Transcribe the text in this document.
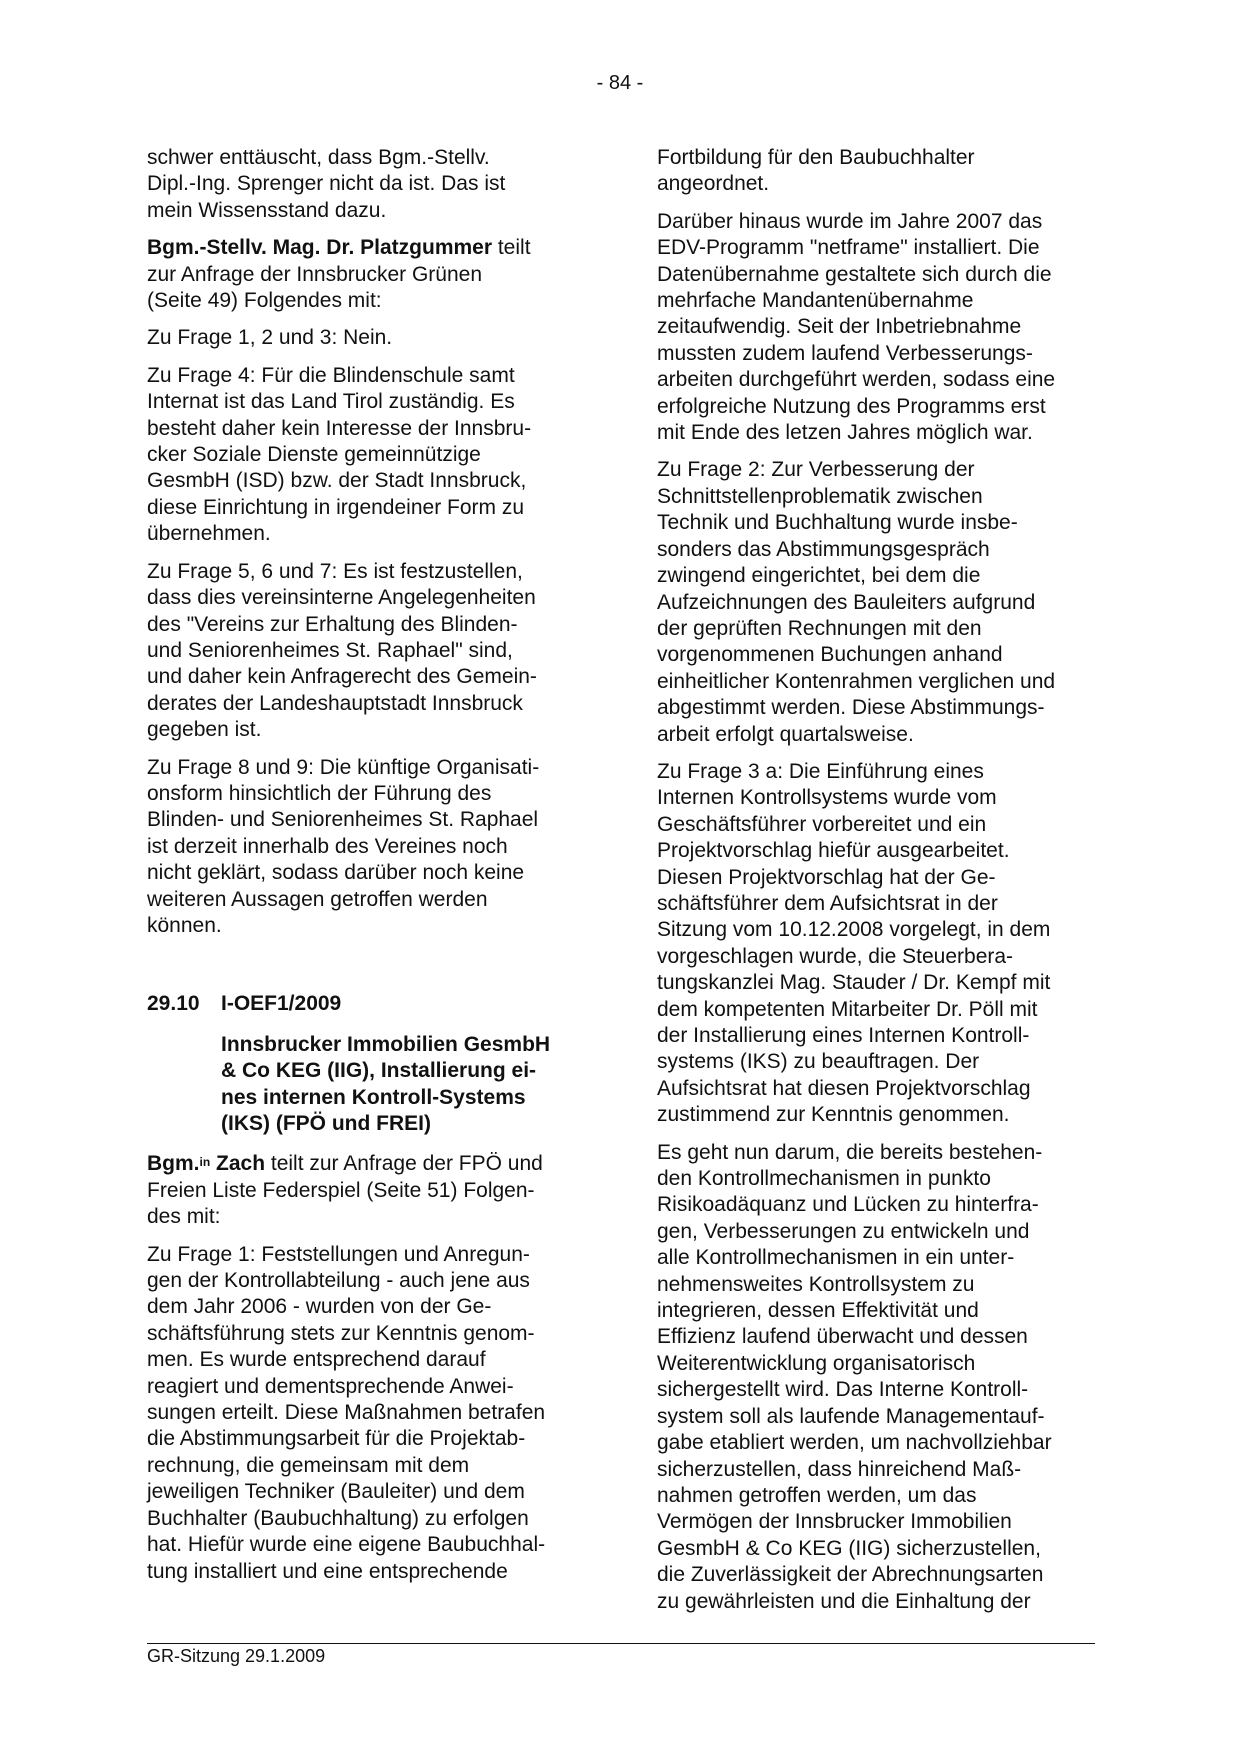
- 84 -

schwer enttäuscht, dass Bgm.-Stellv.
Dipl.-Ing. Sprenger nicht da ist. Das ist
mein Wissensstand dazu.

Bgm.-Stellv. Mag. Dr. Platzgummer teilt
zur Anfrage der Innsbrucker Grünen
(Seite 49) Folgendes mit:

Zu Frage 1, 2 und 3: Nein.

Zu Frage 4: Für die Blindenschule samt
Internat ist das Land Tirol zuständig. Es
besteht daher kein Interesse der Innsbru-
cker Soziale Dienste gemeinnützige
GesmbH (ISD) bzw. der Stadt Innsbruck,
diese Einrichtung in irgendeiner Form zu
übernehmen.

Zu Frage 5, 6 und 7: Es ist festzustellen,
dass dies vereinsinterne Angelegenheiten
des "Vereins zur Erhaltung des Blinden-
und Seniorenheimes St. Raphael" sind,
und daher kein Anfragerecht des Gemein-
derates der Landeshauptstadt Innsbruck
gegeben ist.

Zu Frage 8 und 9: Die künftige Organisati-
onsform hinsichtlich der Führung des
Blinden- und Seniorenheimes St. Raphael
ist derzeit innerhalb des Vereines noch
nicht geklärt, sodass darüber noch keine
weiteren Aussagen getroffen werden
können.

29.10	I-OEF1/2009
Innsbrucker Immobilien GesmbH
& Co KEG (IIG), Installierung ei-
nes internen Kontroll-Systems
(IKS) (FPÖ und FREI)

Bgm.$^{in}$ Zach teilt zur Anfrage der FPÖ und
Freien Liste Federspiel (Seite 51) Folgen-
des mit:

Zu Frage 1: Feststellungen und Anregun-
gen der Kontrollabteilung - auch jene aus
dem Jahr 2006 - wurden von der Ge-
schäftsführung stets zur Kenntnis genom-
men. Es wurde entsprechend darauf
reagiert und dementsprechende Anwei-
sungen erteilt. Diese Maßnahmen betrafen
die Abstimmungsarbeit für die Projektab-
rechnung, die gemeinsam mit dem
jeweiligen Techniker (Bauleiter) und dem
Buchhalter (Baubuchhaltung) zu erfolgen
hat. Hiefür wurde eine eigene Baubuchhal-
tung installiert und eine entsprechende

Fortbildung für den Baubuchhalter
angeordnet.

Darüber hinaus wurde im Jahre 2007 das
EDV-Programm "netframe" installiert. Die
Datenübernahme gestaltete sich durch die
mehrfache Mandantenübernahme
zeitaufwendig. Seit der Inbetriebnahme
mussten zudem laufend Verbesserungs-
arbeiten durchgeführt werden, sodass eine
erfolgreiche Nutzung des Programms erst
mit Ende des letzen Jahres möglich war.

Zu Frage 2: Zur Verbesserung der
Schnittstellenproblematik zwischen
Technik und Buchhaltung wurde insbe-
sonders das Abstimmungsgespräch
zwingend eingerichtet, bei dem die
Aufzeichnungen des Bauleiters aufgrund
der geprüften Rechnungen mit den
vorgenommenen Buchungen anhand
einheitlicher Kontenrahmen verglichen und
abgestimmt werden. Diese Abstimmungs-
arbeit erfolgt quartalsweise.

Zu Frage 3 a: Die Einführung eines
Internen Kontrollsystems wurde vom
Geschäftsführer vorbereitet und ein
Projektvorschlag hiefür ausgearbeitet.
Diesen Projektvorschlag hat der Ge-
schäftsführer dem Aufsichtsrat in der
Sitzung vom 10.12.2008 vorgelegt, in dem
vorgeschlagen wurde, die Steuerbera-
tungskanzlei Mag. Stauder / Dr. Kempf mit
dem kompetenten Mitarbeiter Dr. Pöll mit
der Installierung eines Internen Kontroll-
systems (IKS) zu beauftragen. Der
Aufsichtsrat hat diesen Projektvorschlag
zustimmend zur Kenntnis genommen.

Es geht nun darum, die bereits bestehen-
den Kontrollmechanismen in punkto
Risikoadäquanz und Lücken zu hinterfra-
gen, Verbesserungen zu entwickeln und
alle Kontrollmechanismen in ein unter-
nehmensweites Kontrollsystem zu
integrieren, dessen Effektivität und
Effizienz laufend überwacht und dessen
Weiterentwicklung organisatorisch
sichergestellt wird. Das Interne Kontroll-
system soll als laufende Managementauf-
gabe etabliert werden, um nachvollziehbar
sicherzustellen, dass hinreichend Maß-
nahmen getroffen werden, um das
Vermögen der Innsbrucker Immobilien
GesmbH & Co KEG (IIG) sicherzustellen,
die Zuverlässigkeit der Abrechnungsarten
zu gewährleisten und die Einhaltung der

GR-Sitzung 29.1.2009
